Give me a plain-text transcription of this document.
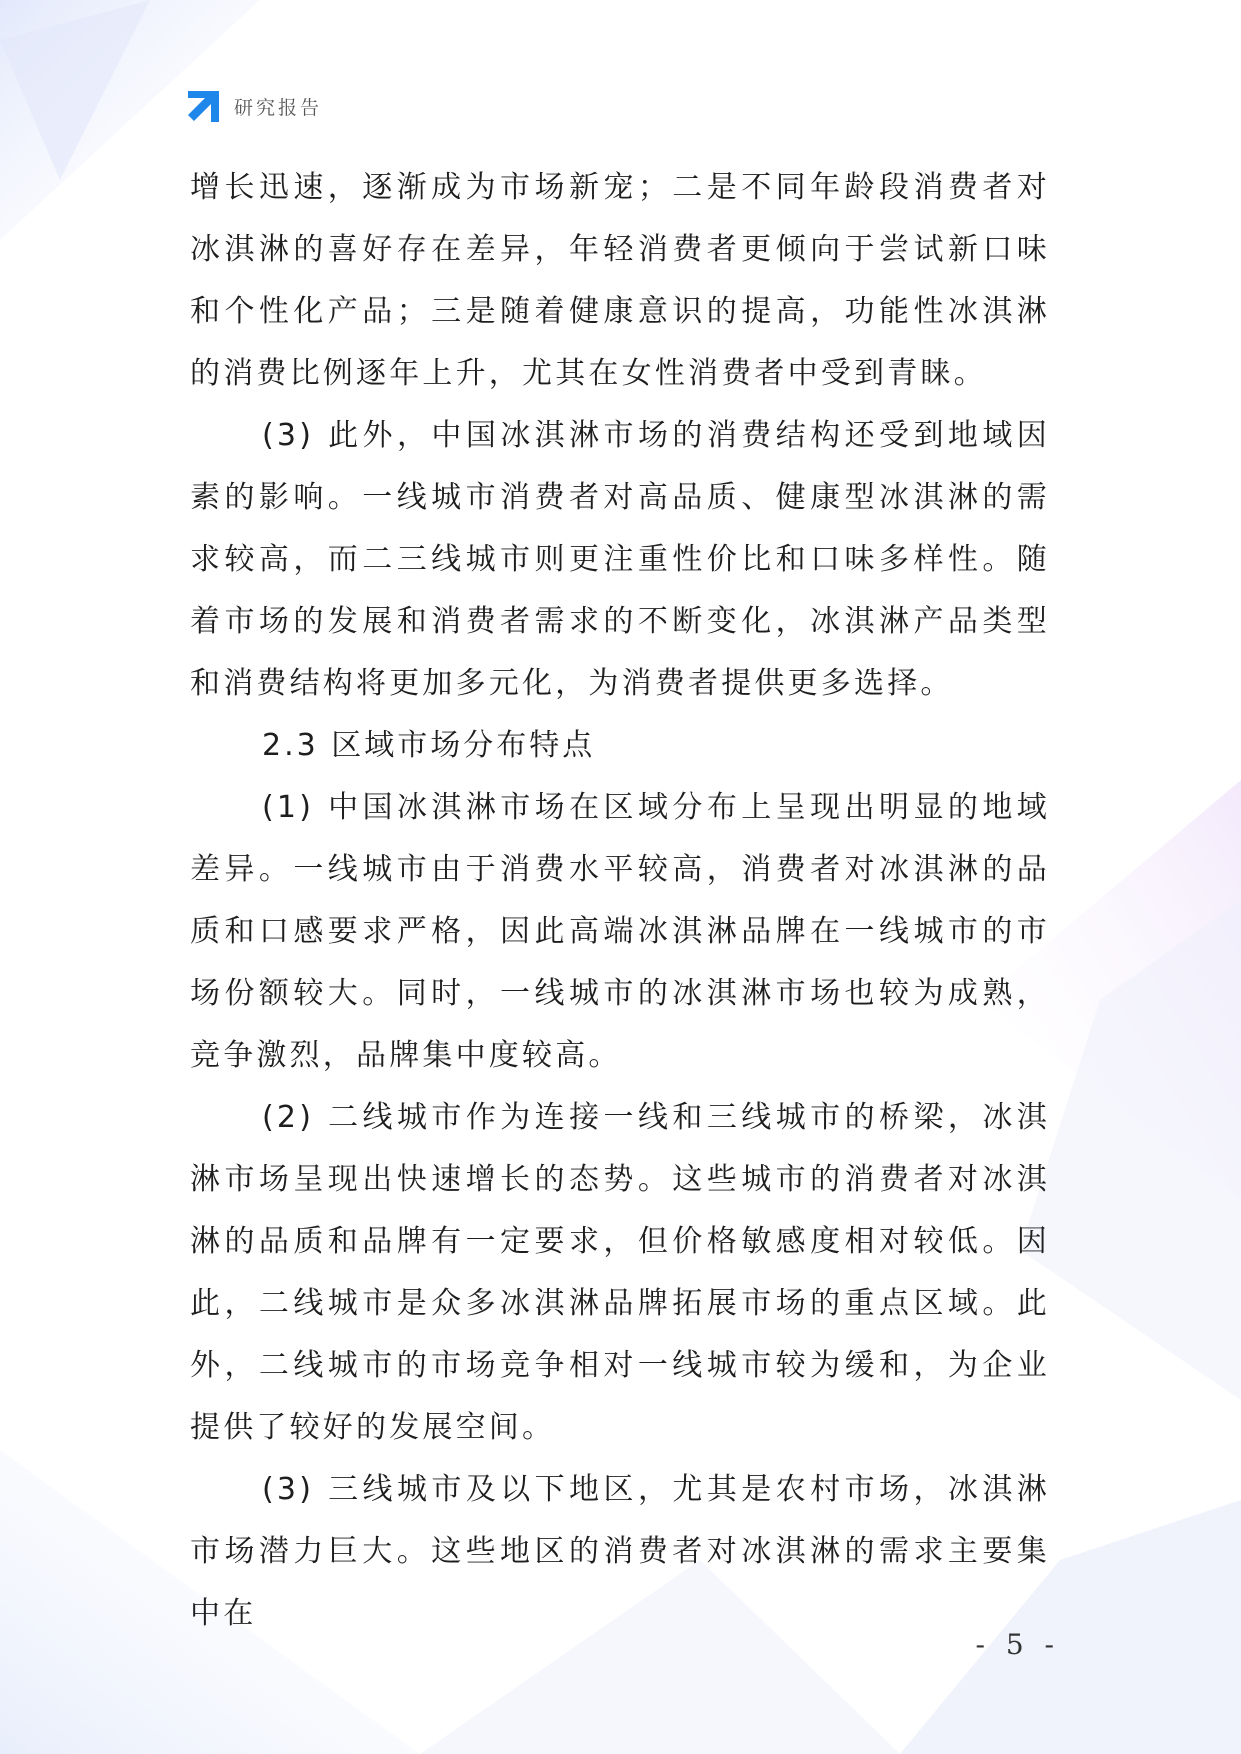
研究报告

增长迅速，逐渐成为市场新宠；二是不同年龄段消费者对冰淇淋的喜好存在差异，年轻消费者更倾向于尝试新口味和个性化产品；三是随着健康意识的提高，功能性冰淇淋的消费比例逐年上升，尤其在女性消费者中受到青睐。

(3) 此外，中国冰淇淋市场的消费结构还受到地域因素的影响。一线城市消费者对高品质、健康型冰淇淋的需求较高，而二三线城市则更注重性价比和口味多样性。随着市场的发展和消费者需求的不断变化，冰淇淋产品类型和消费结构将更加多元化，为消费者提供更多选择。

2.3 区域市场分布特点

(1) 中国冰淇淋市场在区域分布上呈现出明显的地域差异。一线城市由于消费水平较高，消费者对冰淇淋的品质和口感要求严格，因此高端冰淇淋品牌在一线城市的市场份额较大。同时，一线城市的冰淇淋市场也较为成熟，竞争激烈，品牌集中度较高。

(2) 二线城市作为连接一线和三线城市的桥梁，冰淇淋市场呈现出快速增长的态势。这些城市的消费者对冰淇淋的品质和品牌有一定要求，但价格敏感度相对较低。因此，二线城市是众多冰淇淋品牌拓展市场的重点区域。此外，二线城市的市场竞争相对一线城市较为缓和，为企业提供了较好的发展空间。

(3) 三线城市及以下地区，尤其是农村市场，冰淇淋市场潜力巨大。这些地区的消费者对冰淇淋的需求主要集中在

- 5 -
